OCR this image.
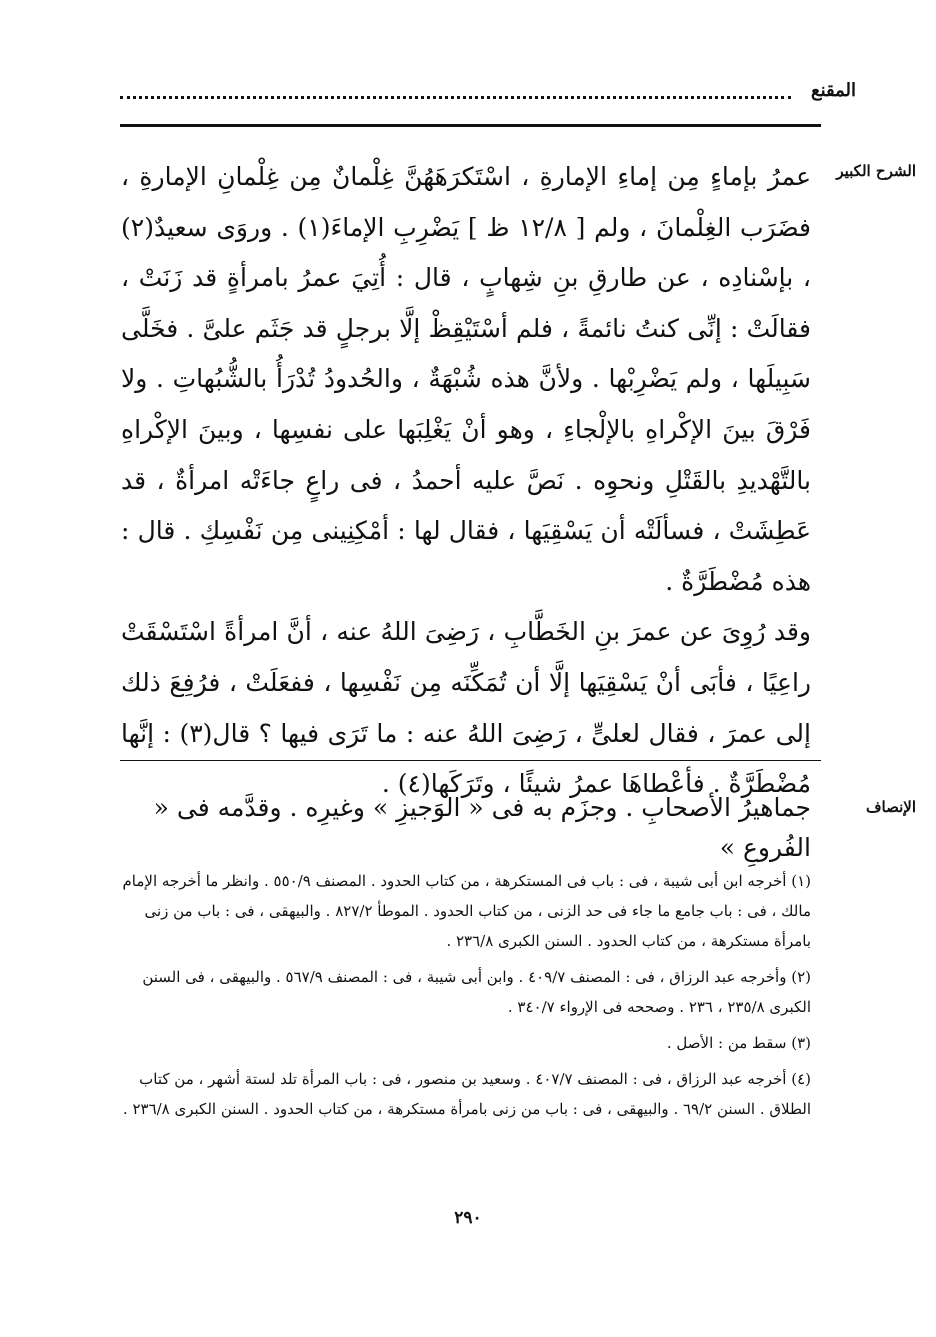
المقنع
الشرح الكبير

عمرُ بإماءٍ مِن إماءِ الإمارةِ ، اسْتَكرَهَهُنَّ غِلْمانٌ مِن غِلْمانِ الإمارةِ ، فضَرَب الغِلْمانَ ، ولم [ ١٢/٨ ظ ] يَضْرِبِ الإماءَ(١) . وروَى سعيدٌ(٢) ، بإسْنادِه ، عن طارقِ بنِ شِهابٍ ، قال : أُتِيَ عمرُ بامرأةٍ قد زَنَتْ ، فقالَتْ : إنِّى كنتُ نائمةً ، فلم أسْتَيْقِظْ إلَّا برجلٍ قد جَثَم علىَّ . فخَلَّى سَبِيلَها ، ولم يَضْرِبْها . ولأنَّ هذه شُبْهَةٌ ، والحُدودُ تُدْرَأُ بالشُّبُهاتِ . ولا فَرْقَ بينَ الإكْراهِ بالإلْجاءِ ، وهو أنْ يَغْلِبَها على نفسِها ، وبينَ الإكْراهِ بالتَّهْديدِ بالقَتْلِ ونحوِه . نَصَّ عليه أحمدُ ، فى راعٍ جاءَتْه امرأةٌ ، قد عَطِشَتْ ، فسألَتْه أن يَسْقِيَها ، فقال لها : أمْكِنِينى مِن نَفْسِكِ . قال : هذه مُضْطَرَّةٌ .

وقد رُوِىَ عن عمرَ بنِ الخَطَّابِ ، رَضِىَ اللهُ عنه ، أنَّ امرأةً اسْتَسْقَتْ راعِيًا ، فأبَى أنْ يَسْقِيَها إلَّا أن تُمَكِّنَه مِن نَفْسِها ، ففعَلَتْ ، فرُفِعَ ذلك إلى عمرَ ، فقال لعلىٍّ ، رَضِىَ اللهُ عنه : ما تَرَى فيها ؟ قال(٣) : إنَّها مُضْطَرَّةٌ . فأعْطاهَا عمرُ شيئًا ، وتَرَكَها(٤) .

الإنصاف
جماهيرُ الأصحابِ . وجزَم به فى « الوَجيزِ » وغيرِه . وقدَّمه فى « الفُروعِ »

(١) أخرجه ابن أبى شيبة ، فى : باب فى المستكرهة ، من كتاب الحدود . المصنف ٥٥٠/٩ . وانظر ما أخرجه الإمام مالك ، فى : باب جامع ما جاء فى حد الزنى ، من كتاب الحدود . الموطأ ٨٢٧/٢ . والبيهقى ، فى : باب من زنى بامرأة مستكرهة ، من كتاب الحدود . السنن الكبرى ٢٣٦/٨ .

(٢) وأخرجه عبد الرزاق ، فى : المصنف ٤٠٩/٧ . وابن أبى شيبة ، فى : المصنف ٥٦٧/٩ . والبيهقى ، فى السنن الكبرى ٢٣٥/٨ ، ٢٣٦ . وصححه فى الإرواء ٣٤٠/٧ .

(٣) سقط من : الأصل .

(٤) أخرجه عبد الرزاق ، فى : المصنف ٤٠٧/٧ . وسعيد بن منصور ، فى : باب المرأة تلد لستة أشهر ، من كتاب الطلاق . السنن ٦٩/٢ . والبيهقى ، فى : باب من زنى بامرأة مستكرهة ، من كتاب الحدود . السنن الكبرى ٢٣٦/٨ .

٢٩٠
